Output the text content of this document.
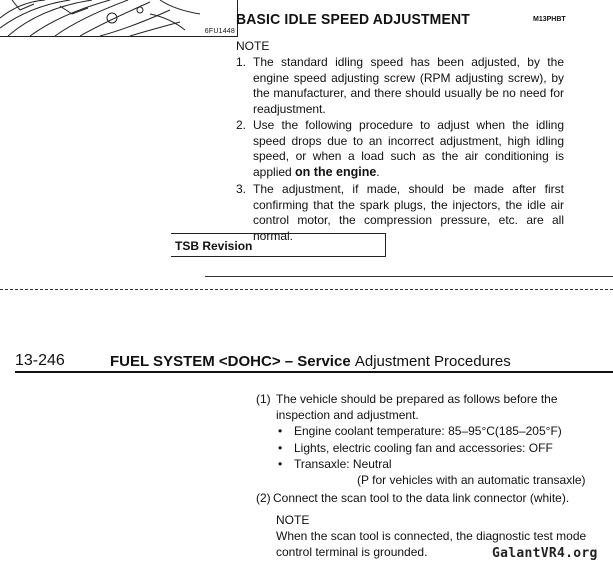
6FU1448
BASIC IDLE SPEED ADJUSTMENT	M13PHBT
NOTE
1. The standard idling speed has been adjusted, by the engine speed adjusting screw (RPM adjusting screw), by the manufacturer, and there should usually be no need for readjustment.
2. Use the following procedure to adjust when the idling speed drops due to an incorrect adjustment, high idling speed, or when a load such as the air conditioning is applied on the engine.
3. The adjustment, if made, should be made after first confirming that the spark plugs, the injectors, the idle air control motor, the compression pressure, etc. are all normal.
TSB Revision
13-246	FUEL SYSTEM <DOHC> – Service Adjustment Procedures
(1) The vehicle should be prepared as follows before the
inspection and adjustment.
• Engine coolant temperature: 85–95°C(185–205°F)
• Lights, electric cooling fan and accessories: OFF
• Transaxle: Neutral
(P for vehicles with an automatic transaxle)
(2) Connect the scan tool to the data link connector (white).
NOTE
When the scan tool is connected, the diagnostic test mode
control terminal is grounded.	GalantVR4.org
